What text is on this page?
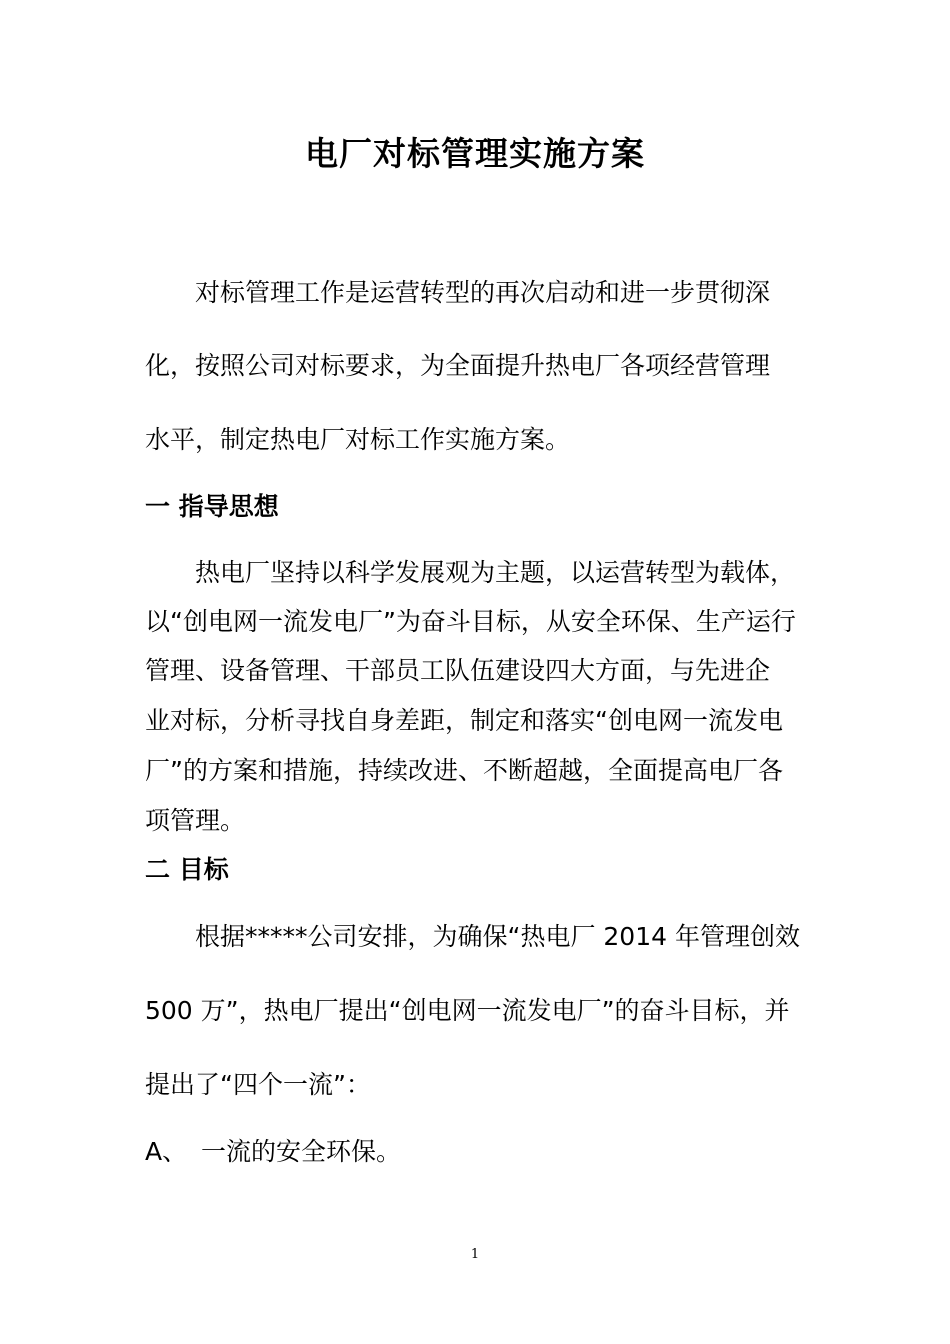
电厂对标管理实施方案
对标管理工作是运营转型的再次启动和进一步贯彻深
化，按照公司对标要求，为全面提升热电厂各项经营管理
水平，制定热电厂对标工作实施方案。
一 指导思想
热电厂坚持以科学发展观为主题，以运营转型为载体，
以“创电网一流发电厂”为奋斗目标，从安全环保、生产运行
管理、设备管理、干部员工队伍建设四大方面，与先进企
业对标，分析寻找自身差距，制定和落实“创电网一流发电
厂”的方案和措施，持续改进、不断超越，全面提高电厂各
项管理。
二 目标
根据*****公司安排，为确保“热电厂 2014 年管理创效
500 万”，热电厂提出“创电网一流发电厂”的奋斗目标，并
提出了“四个一流”：
A、 一流的安全环保。
1
